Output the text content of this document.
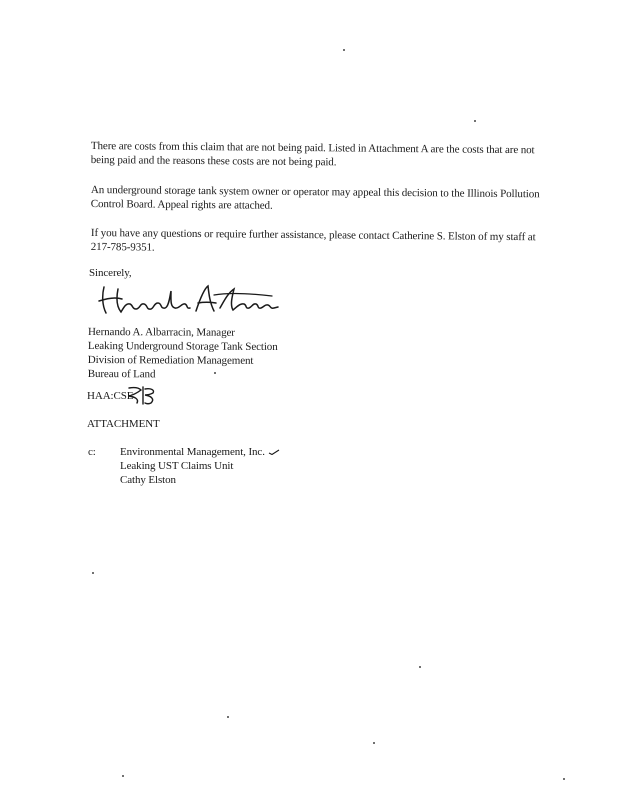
There are costs from this claim that are not being paid. Listed in Attachment A are the costs that are not being paid and the reasons these costs are not being paid.

An underground storage tank system owner or operator may appeal this decision to the Illinois Pollution Control Board. Appeal rights are attached.

If you have any questions or require further assistance, please contact Catherine S. Elston of my staff at 217-785-9351.

Sincerely,
Hernando A. Albarracin, Manager
Leaking Underground Storage Tank Section
Division of Remediation Management
Bureau of Land
HAA:CSE
ATTACHMENT
c: Environmental Management, Inc.
Leaking UST Claims Unit
Cathy Elston
